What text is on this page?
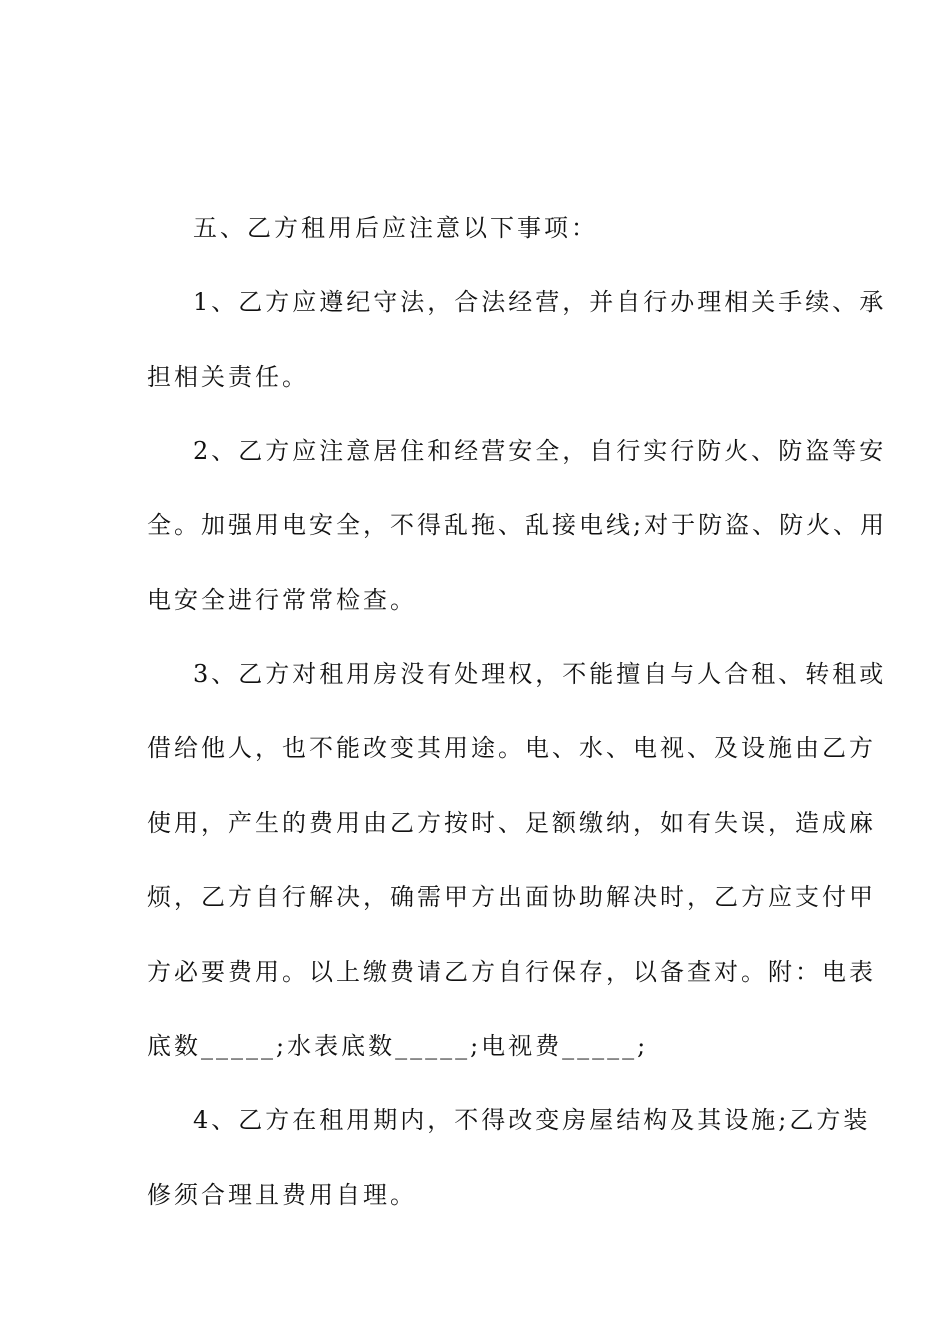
五、乙方租用后应注意以下事项：
1、乙方应遵纪守法，合法经营，并自行办理相关手续、承
担相关责任。
2、乙方应注意居住和经营安全，自行实行防火、防盗等安
全。加强用电安全，不得乱拖、乱接电线;对于防盗、防火、用
电安全进行常常检查。
3、乙方对租用房没有处理权，不能擅自与人合租、转租或
借给他人，也不能改变其用途。电、水、电视、及设施由乙方
使用，产生的费用由乙方按时、足额缴纳，如有失误，造成麻
烦，乙方自行解决，确需甲方出面协助解决时，乙方应支付甲
方必要费用。以上缴费请乙方自行保存，以备查对。附：电表
底数_____;水表底数_____;电视费_____;
4、乙方在租用期内，不得改变房屋结构及其设施;乙方装
修须合理且费用自理。
